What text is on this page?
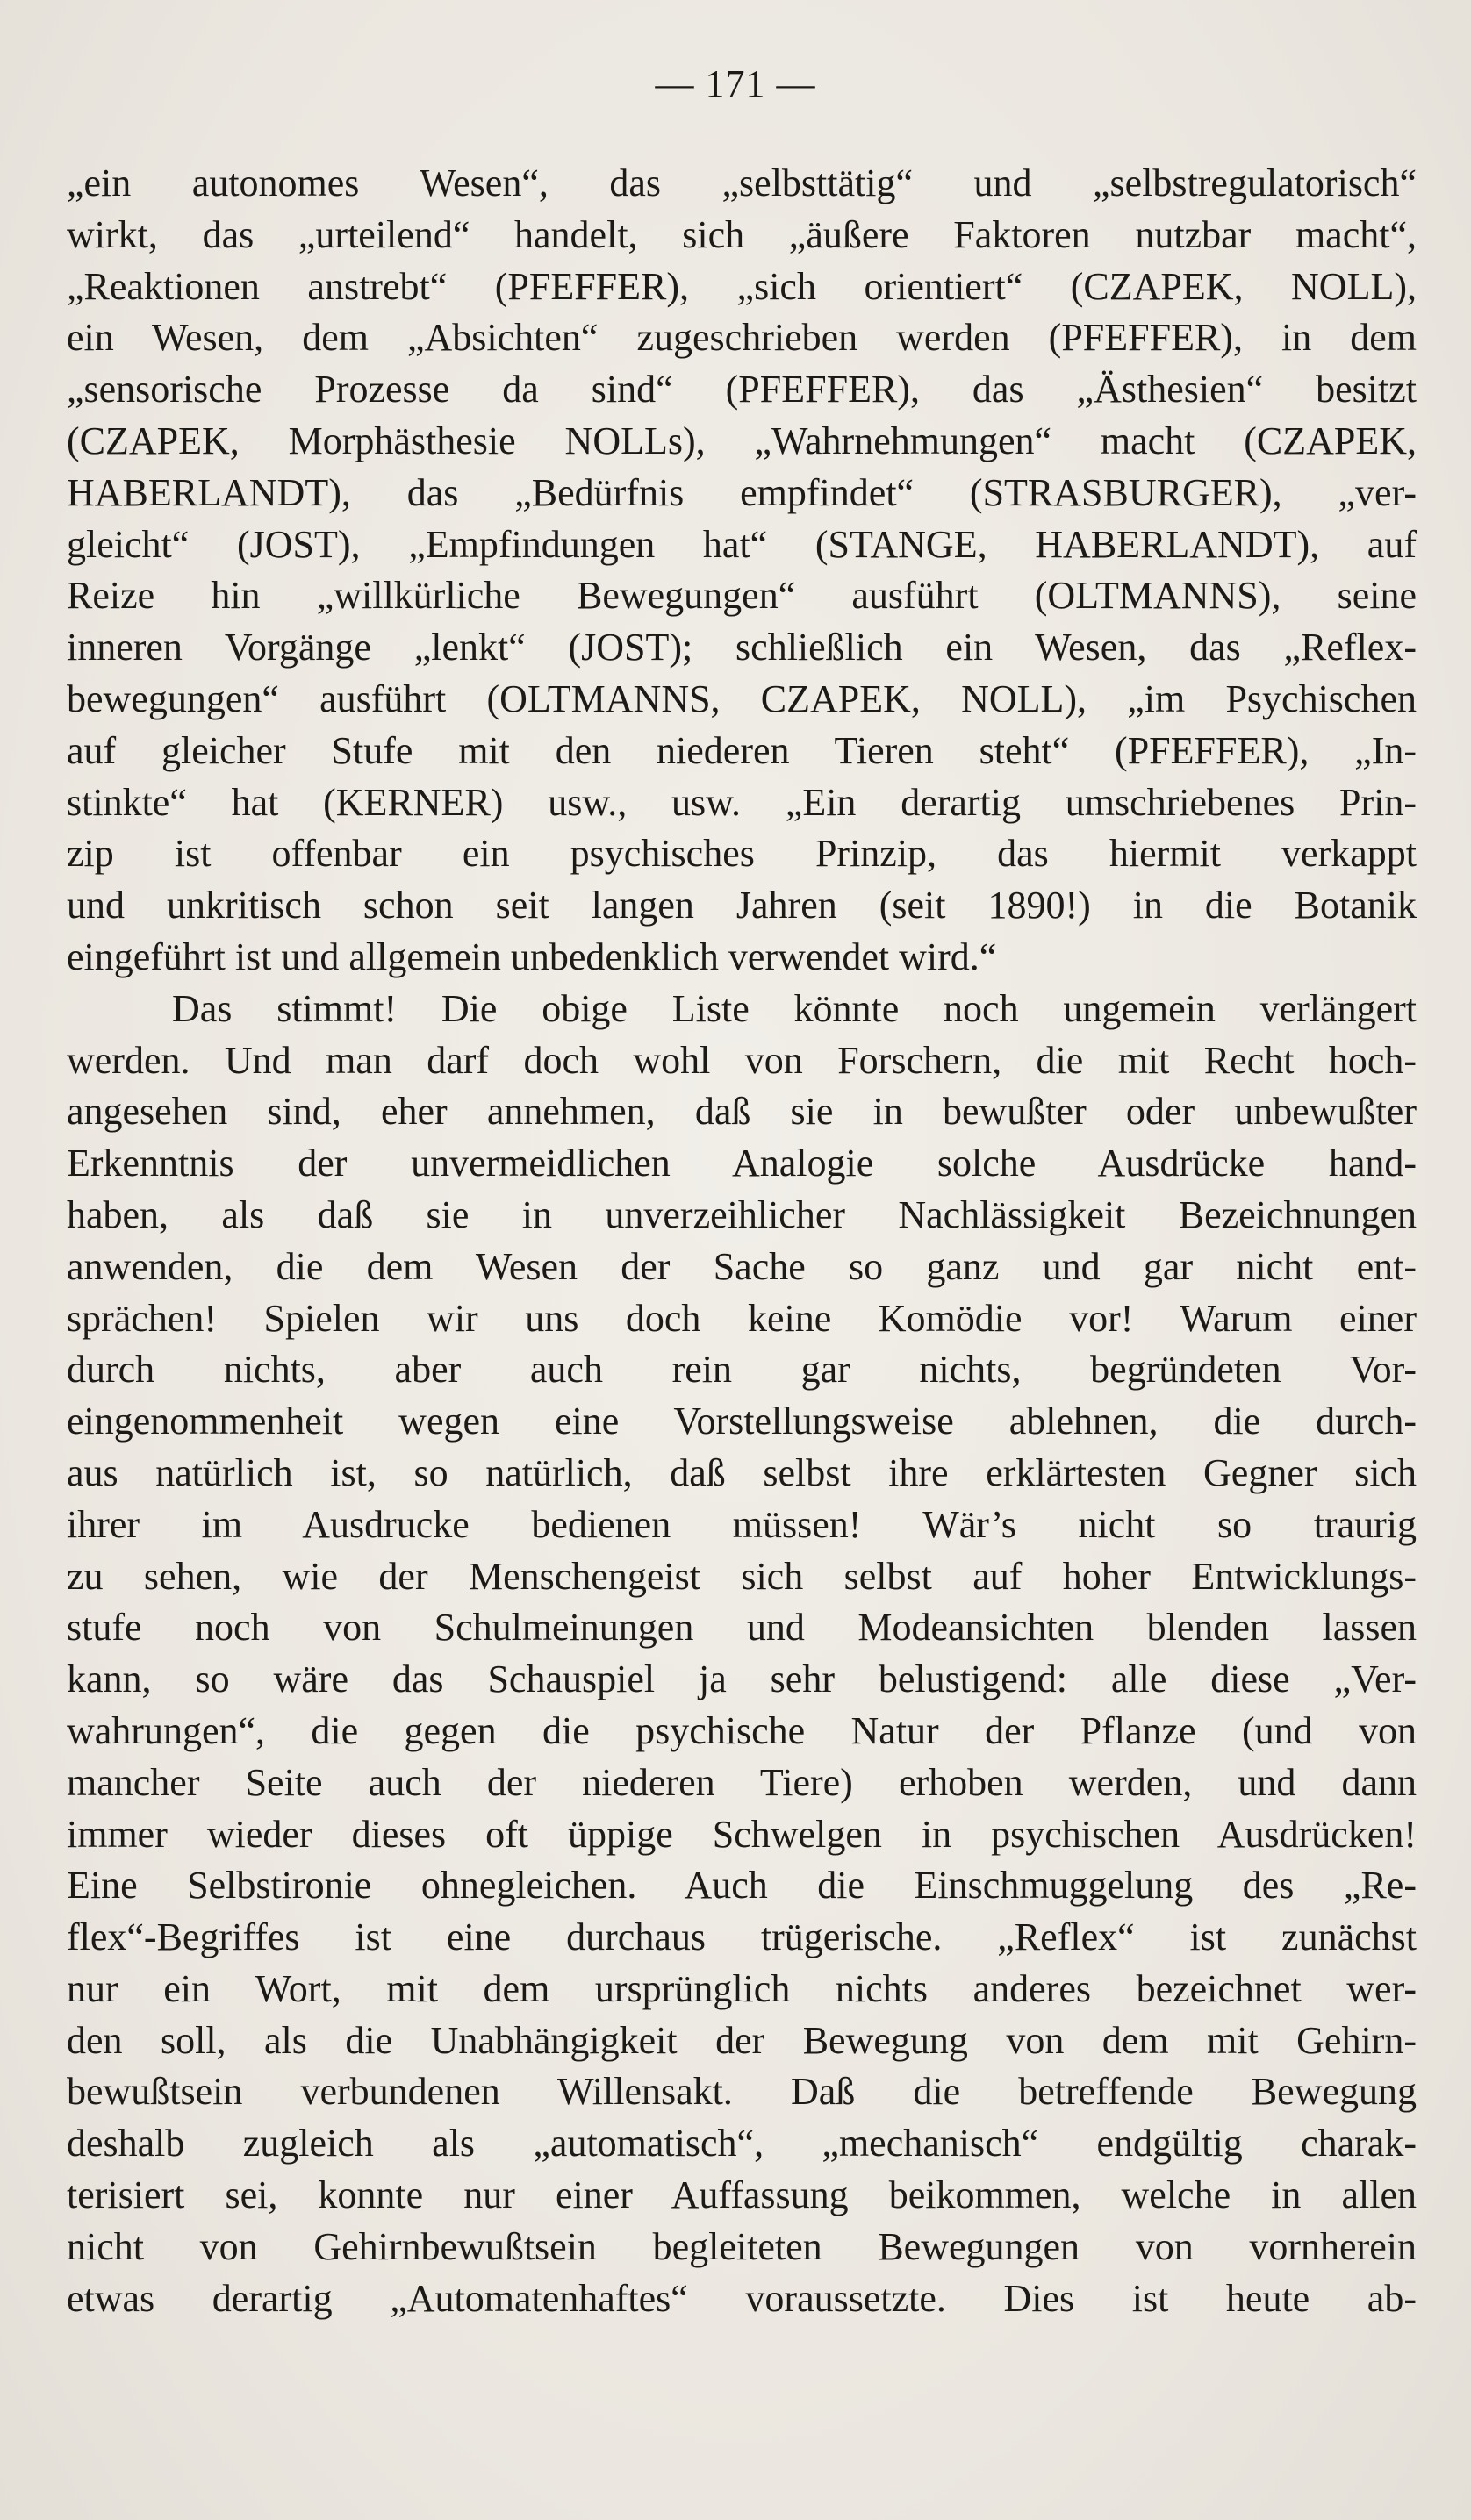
— 171 —
„ein autonomes Wesen“, das „selbsttätig“ und „selbstregulatorisch“
wirkt, das „urteilend“ handelt, sich „äußere Faktoren nutzbar macht“,
„Reaktionen anstrebt“ (PFEFFER), „sich orientiert“ (CZAPEK, NOLL),
ein Wesen, dem „Absichten“ zugeschrieben werden (PFEFFER), in dem
„sensorische Prozesse da sind“ (PFEFFER), das „Ästhesien“ besitzt
(CZAPEK, Morphästhesie NOLLs), „Wahrnehmungen“ macht (CZAPEK,
HABERLANDT), das „Bedürfnis empfindet“ (STRASBURGER), „ver-
gleicht“ (JOST), „Empfindungen hat“ (STANGE, HABERLANDT), auf
Reize hin „willkürliche Bewegungen“ ausführt (OLTMANNS), seine
inneren Vorgänge „lenkt“ (JOST); schließlich ein Wesen, das „Reflex-
bewegungen“ ausführt (OLTMANNS, CZAPEK, NOLL), „im Psychischen
auf gleicher Stufe mit den niederen Tieren steht“ (PFEFFER), „In-
stinkte“ hat (KERNER) usw., usw. „Ein derartig umschriebenes Prin-
zip ist offenbar ein psychisches Prinzip, das hiermit verkappt
und unkritisch schon seit langen Jahren (seit 1890!) in die Botanik
eingeführt ist und allgemein unbedenklich verwendet wird.“
Das stimmt! Die obige Liste könnte noch ungemein verlängert
werden. Und man darf doch wohl von Forschern, die mit Recht hoch-
angesehen sind, eher annehmen, daß sie in bewußter oder unbewußter
Erkenntnis der unvermeidlichen Analogie solche Ausdrücke hand-
haben, als daß sie in unverzeihlicher Nachlässigkeit Bezeichnungen
anwenden, die dem Wesen der Sache so ganz und gar nicht ent-
sprächen! Spielen wir uns doch keine Komödie vor! Warum einer
durch nichts, aber auch rein gar nichts, begründeten Vor-
eingenommenheit wegen eine Vorstellungsweise ablehnen, die durch-
aus natürlich ist, so natürlich, daß selbst ihre erklärtesten Gegner sich
ihrer im Ausdrucke bedienen müssen! Wär’s nicht so traurig
zu sehen, wie der Menschengeist sich selbst auf hoher Entwicklungs-
stufe noch von Schulmeinungen und Modeansichten blenden lassen
kann, so wäre das Schauspiel ja sehr belustigend: alle diese „Ver-
wahrungen“, die gegen die psychische Natur der Pflanze (und von
mancher Seite auch der niederen Tiere) erhoben werden, und dann
immer wieder dieses oft üppige Schwelgen in psychischen Ausdrücken!
Eine Selbstironie ohnegleichen. Auch die Einschmuggelung des „Re-
flex“-Begriffes ist eine durchaus trügerische. „Reflex“ ist zunächst
nur ein Wort, mit dem ursprünglich nichts anderes bezeichnet wer-
den soll, als die Unabhängigkeit der Bewegung von dem mit Gehirn-
bewußtsein verbundenen Willensakt. Daß die betreffende Bewegung
deshalb zugleich als „automatisch“, „mechanisch“ endgültig charak-
terisiert sei, konnte nur einer Auffassung beikommen, welche in allen
nicht von Gehirnbewußtsein begleiteten Bewegungen von vornherein
etwas derartig „Automatenhaftes“ voraussetzte. Dies ist heute ab-
